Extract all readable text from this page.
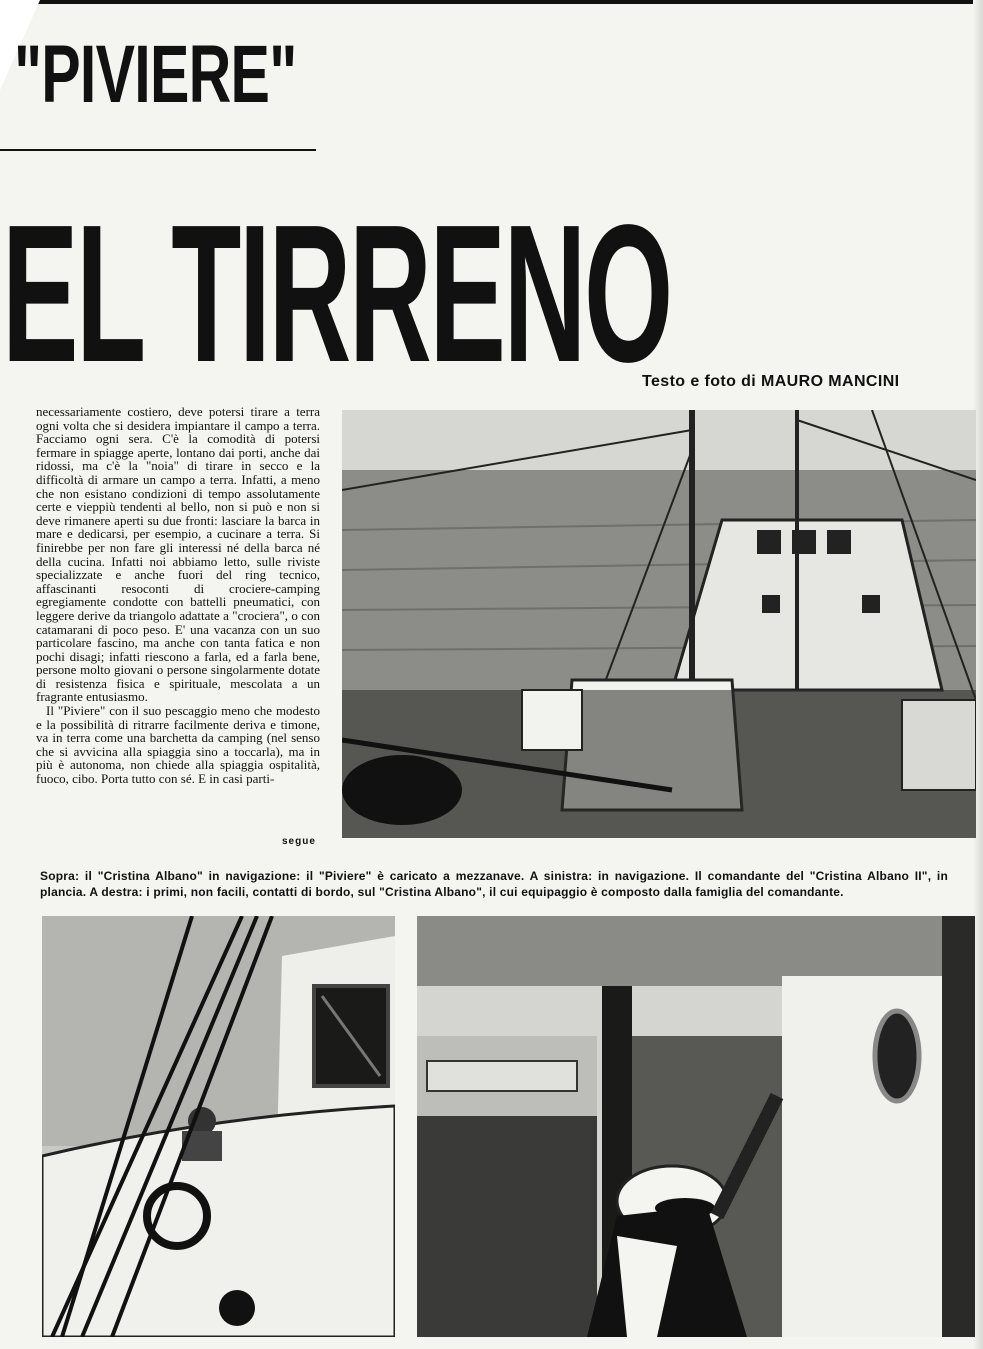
"PIVIERE"
EL TIRRENO
Testo e foto di MAURO MANCINI

necessariamente costiero, deve potersi tirare a terra ogni volta che si desidera impiantare il campo a terra. Facciamo ogni sera. C'è la comodità di potersi fermare in spiagge aperte, lontano dai porti, anche dai ridossi, ma c'è la "noia" di tirare in secco e la difficoltà di armare un campo a terra. Infatti, a meno che non esistano condizioni di tempo assolutamente certe e vieppiù tendenti al bello, non si può e non si deve rimanere aperti su due fronti: lasciare la barca in mare e dedicarsi, per esempio, a cucinare a terra. Si finirebbe per non fare gli interessi né della barca né della cucina. Infatti noi abbiamo letto, sulle riviste specializzate e anche fuori del ring tecnico, affascinanti resoconti di crociere-camping egregiamente condotte con battelli pneumatici, con leggere derive da triangolo adattate a "crociera", o con catamarani di poco peso. E' una vacanza con un suo particolare fascino, ma anche con tanta fatica e non pochi disagi; infatti riescono a farla, ed a farla bene, persone molto giovani o persone singolarmente dotate di resistenza fisica e spirituale, mescolata a un fragrante entusiasmo.

Il "Piviere" con il suo pescaggio meno che modesto e la possibilità di ritrarre facilmente deriva e timone, va in terra come una barchetta da camping (nel senso che si avvicina alla spiaggia sino a toccarla), ma in più è autonoma, non chiede alla spiaggia ospitalità, fuoco, cibo. Porta tutto con sé. E in casi parti-

segue

Sopra: il "Cristina Albano" in navigazione: il "Piviere" è caricato a mezzanave. A sinistra: in navigazione. Il comandante del "Cristina Albano II", in plancia. A destra: i primi, non facili, contatti di bordo, sul "Cristina Albano", il cui equipaggio è composto dalla famiglia del comandante.
